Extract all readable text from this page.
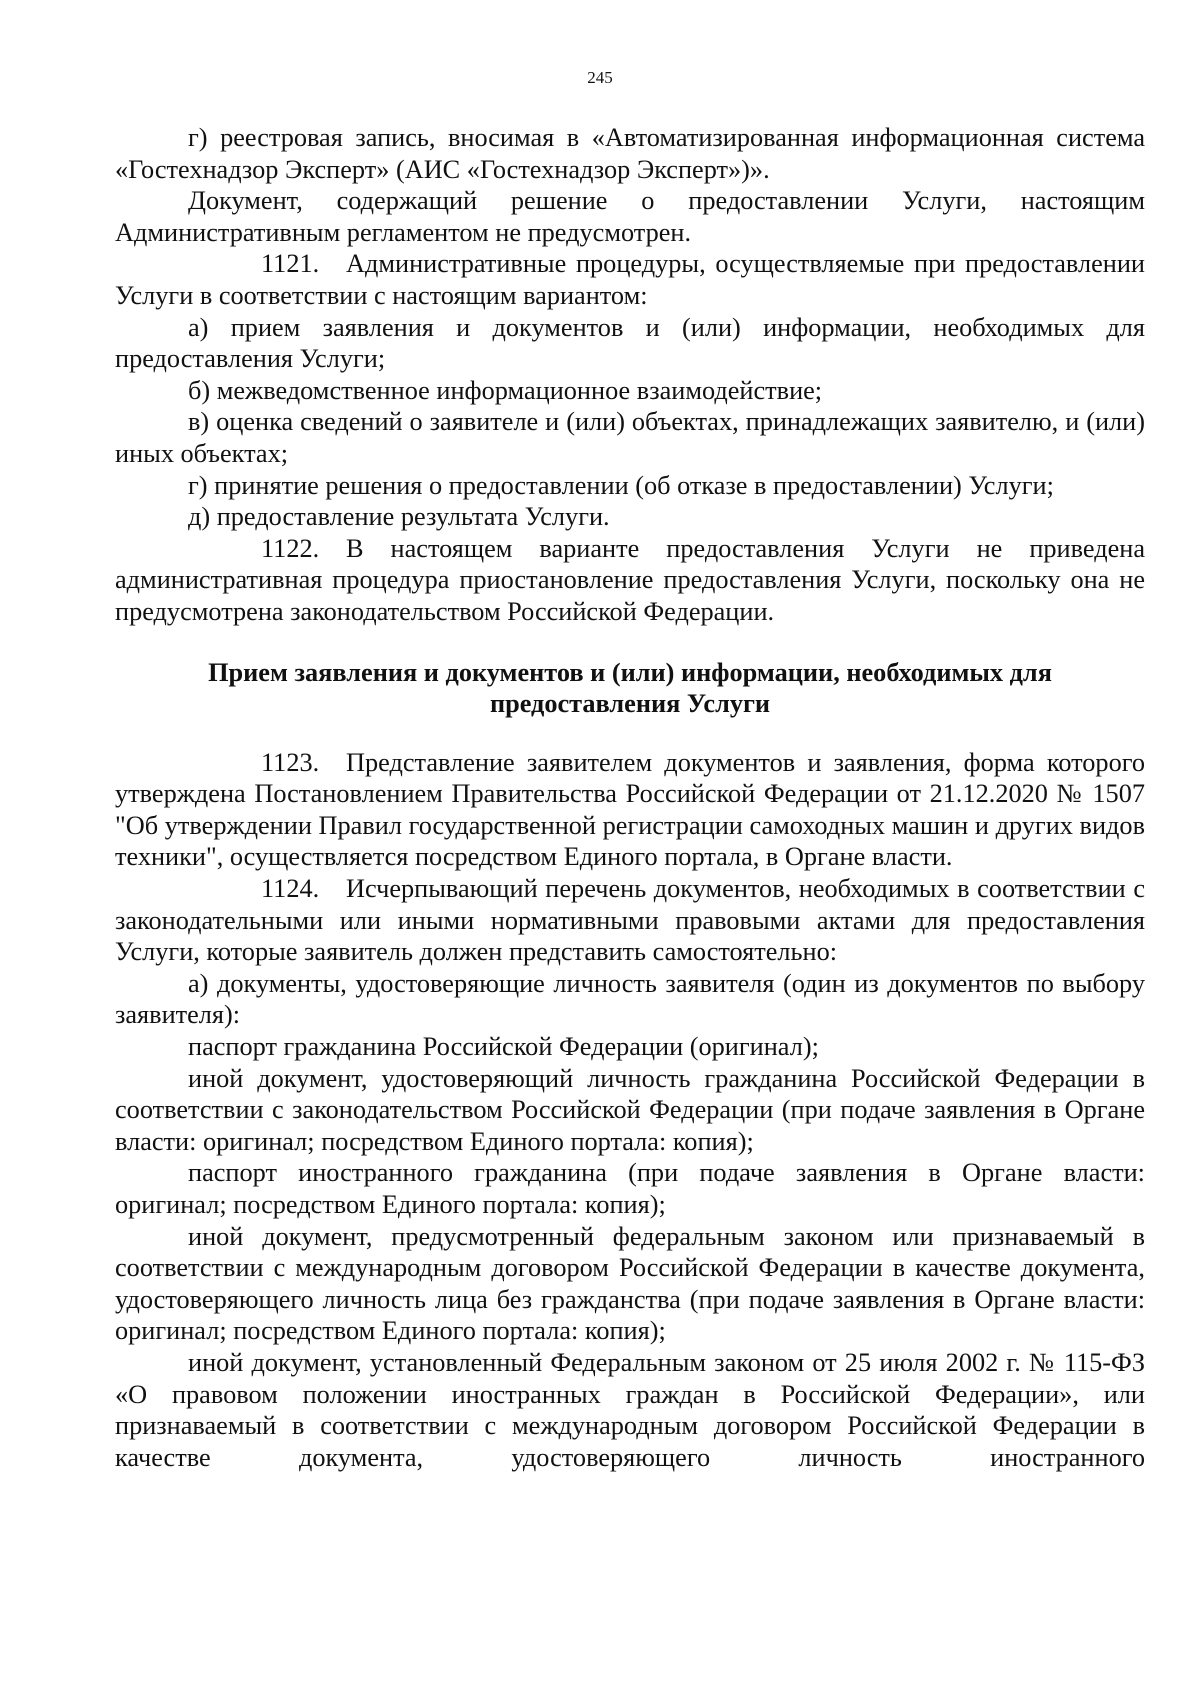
245

г) реестровая запись, вносимая в «Автоматизированная информационная система «Гостехнадзор Эксперт» (АИС «Гостехнадзор Эксперт»)».

Документ, содержащий решение о предоставлении Услуги, настоящим Административным регламентом не предусмотрен.

1121. Административные процедуры, осуществляемые при предоставлении Услуги в соответствии с настоящим вариантом:

а) прием заявления и документов и (или) информации, необходимых для предоставления Услуги;

б) межведомственное информационное взаимодействие;

в) оценка сведений о заявителе и (или) объектах, принадлежащих заявителю, и (или) иных объектах;

г) принятие решения о предоставлении (об отказе в предоставлении) Услуги;

д) предоставление результата Услуги.

1122. В настоящем варианте предоставления Услуги не приведена административная процедура приостановление предоставления Услуги, поскольку она не предусмотрена законодательством Российской Федерации.

Прием заявления и документов и (или) информации, необходимых для предоставления Услуги

1123. Представление заявителем документов и заявления, форма которого утверждена Постановлением Правительства Российской Федерации от 21.12.2020 № 1507 "Об утверждении Правил государственной регистрации самоходных машин и других видов техники", осуществляется посредством Единого портала, в Органе власти.

1124. Исчерпывающий перечень документов, необходимых в соответствии с законодательными или иными нормативными правовыми актами для предоставления Услуги, которые заявитель должен представить самостоятельно:

а) документы, удостоверяющие личность заявителя (один из документов по выбору заявителя):

паспорт гражданина Российской Федерации (оригинал);

иной документ, удостоверяющий личность гражданина Российской Федерации в соответствии с законодательством Российской Федерации (при подаче заявления в Органе власти: оригинал; посредством Единого портала: копия);

паспорт иностранного гражданина (при подаче заявления в Органе власти: оригинал; посредством Единого портала: копия);

иной документ, предусмотренный федеральным законом или признаваемый в соответствии с международным договором Российской Федерации в качестве документа, удостоверяющего личность лица без гражданства (при подаче заявления в Органе власти: оригинал; посредством Единого портала: копия);

иной документ, установленный Федеральным законом от 25 июля 2002 г. № 115-ФЗ «О правовом положении иностранных граждан в Российской Федерации», или признаваемый в соответствии с международным договором Российской Федерации в качестве документа, удостоверяющего личность иностранного
